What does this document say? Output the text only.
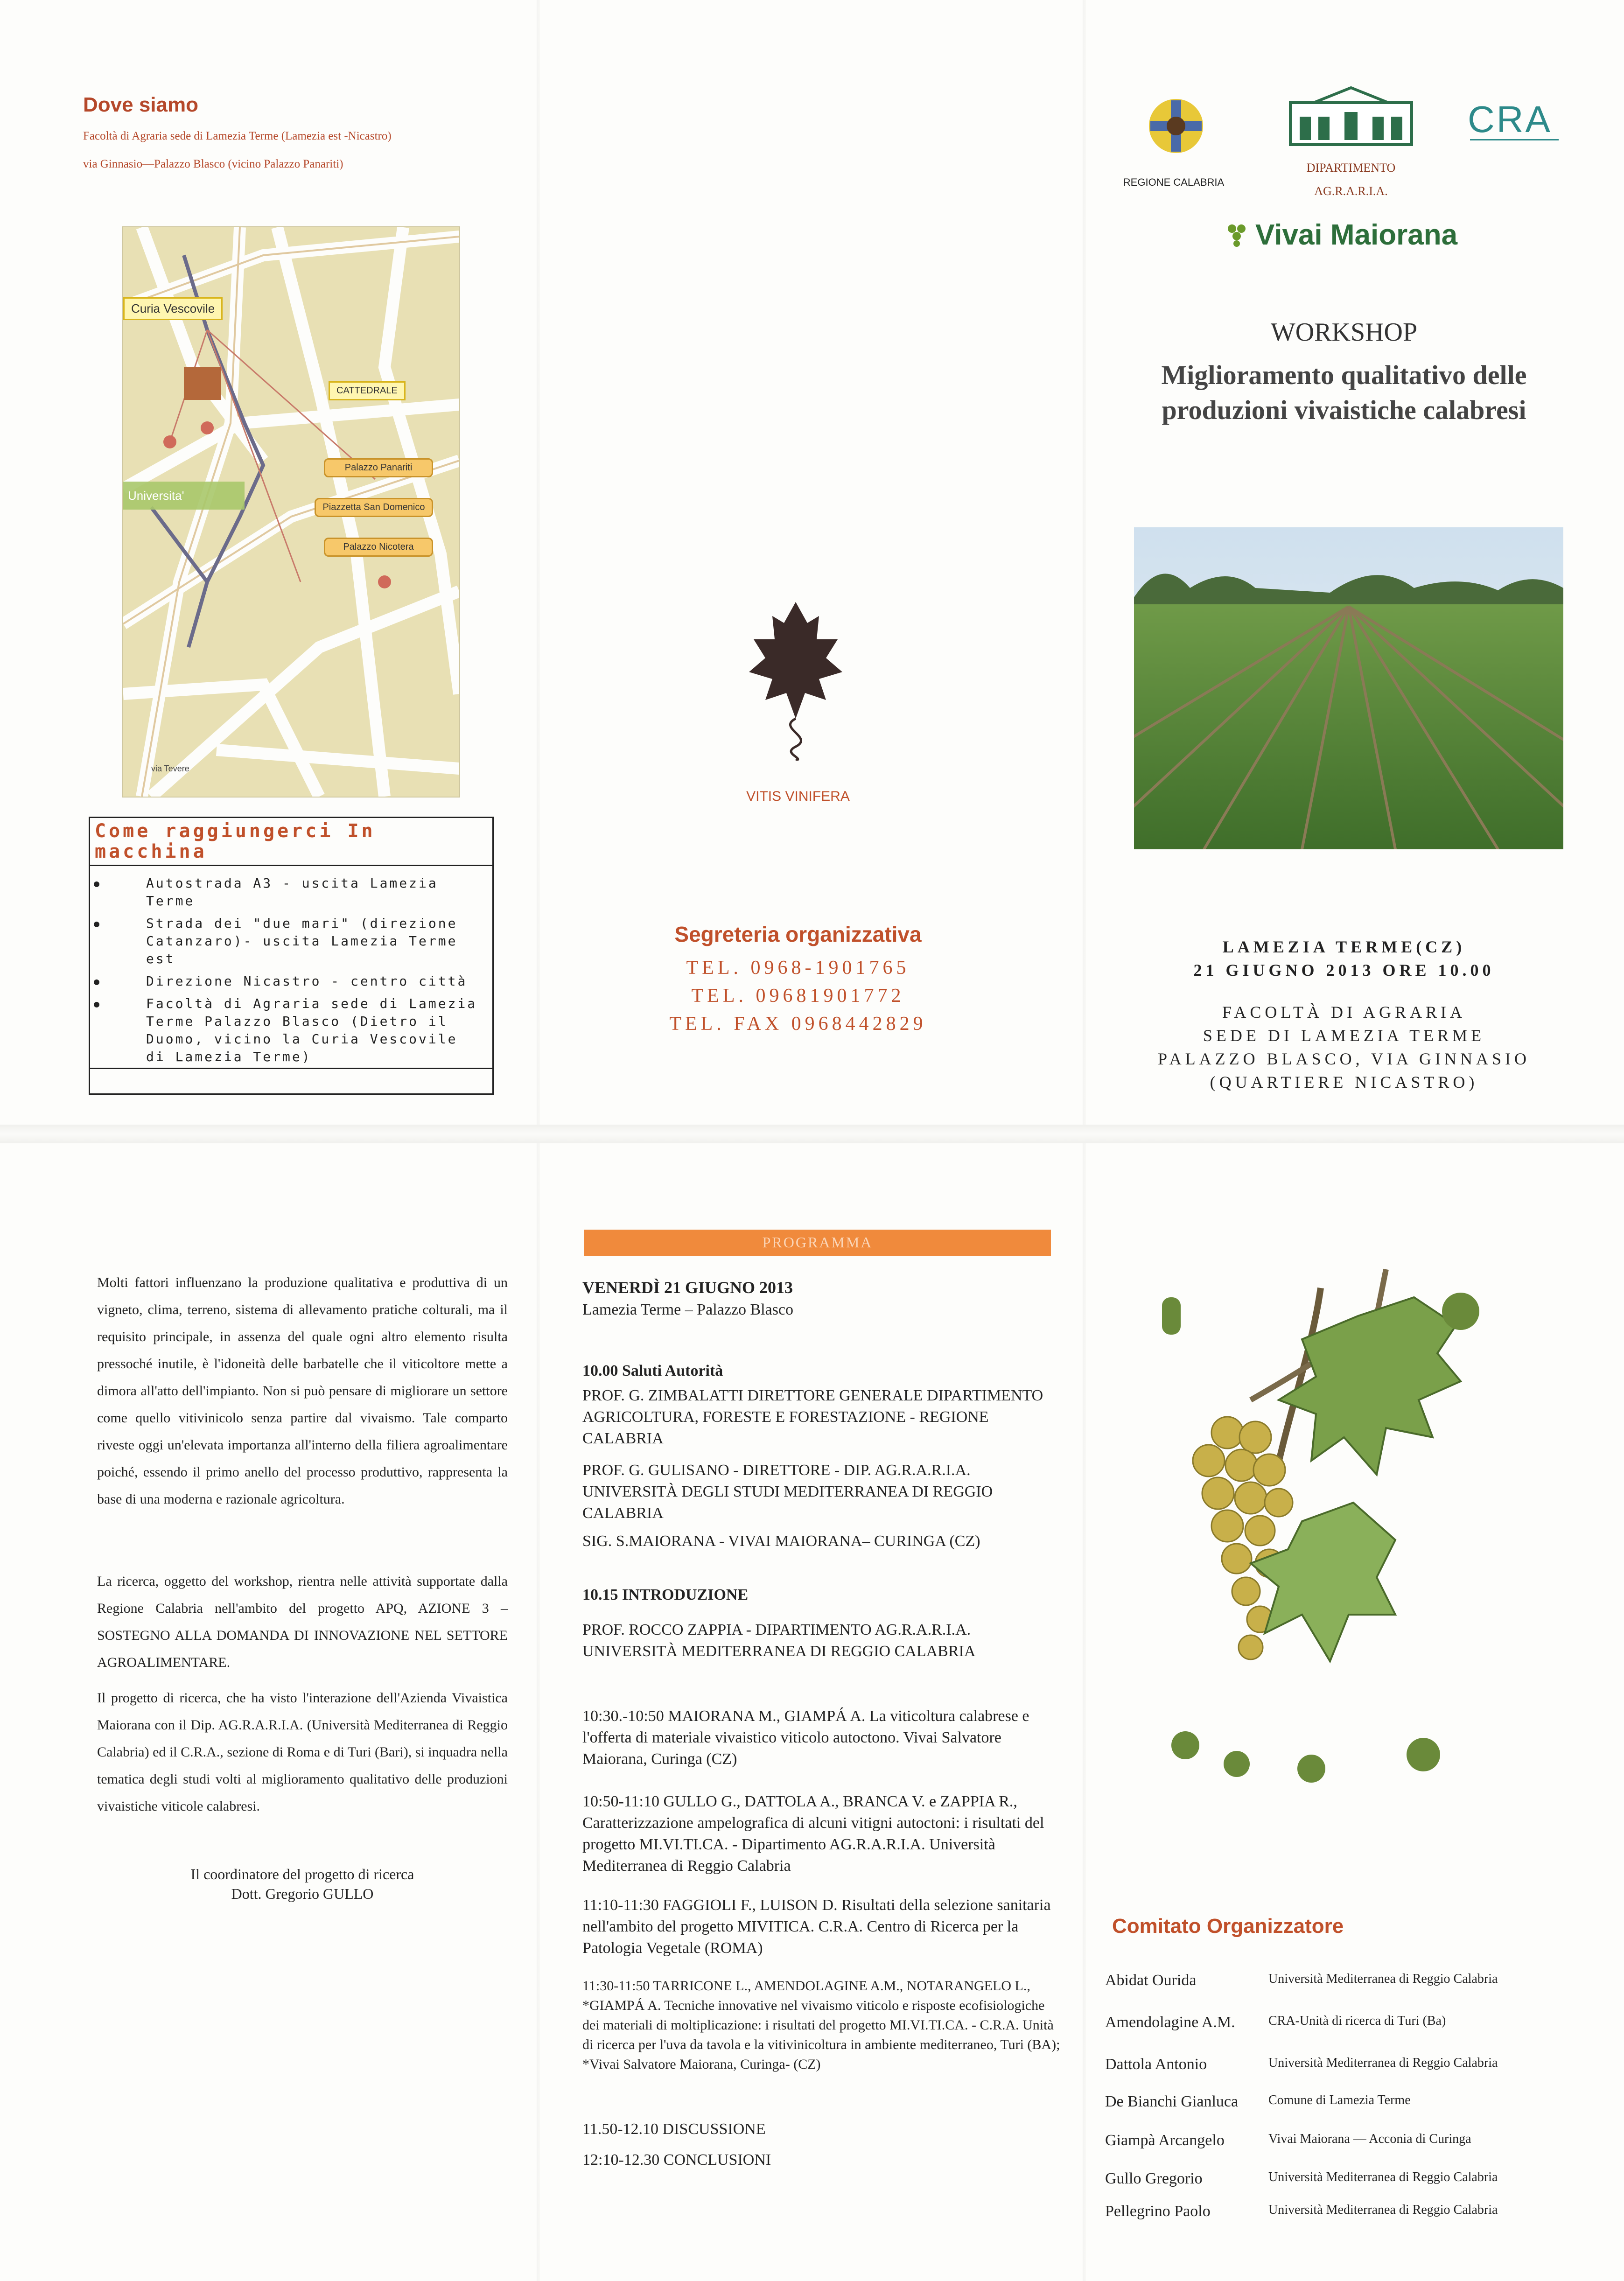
Dove siamo
Facoltà di Agraria sede di Lamezia Terme (Lamezia est -Nicastro)
via Ginnasio—Palazzo Blasco (vicino Palazzo Panariti)
Curia Vescovile
CATTEDRALE
Palazzo Panariti
Piazzetta San Domenico
Palazzo Nicotera
Universita'
via Tevere
Come raggiungerci In macchina
● Autostrada A3 - uscita Lamezia Terme
● Strada dei "due mari" (direzione Catanzaro)- uscita Lamezia Terme est
● Direzione Nicastro - centro città
● Facoltà di Agraria sede di Lamezia Terme Palazzo Blasco (Dietro il Duomo, vicino la Curia Vescovile di Lamezia Terme)
VITIS VINIFERA
Segreteria organizzativa
TEL. 0968-1901765
TEL. 09681901772
TEL. FAX 0968442829
REGIONE CALABRIA
DIPARTIMENTO
AG.R.A.R.I.A.
CRA
Vivai Maiorana
WORKSHOP
Miglioramento qualitativo delle
produzioni vivaistiche calabresi
LAMEZIA TERME(CZ)
21 GIUGNO 2013 ORE 10.00
FACOLTÀ DI AGRARIA
SEDE DI LAMEZIA TERME
PALAZZO BLASCO, VIA GINNASIO
(QUARTIERE NICASTRO)
Molti fattori influenzano la produzione qualitativa e produttiva di un vigneto, clima, terreno, sistema di allevamento pratiche colturali, ma il requisito principale, in assenza del quale ogni altro elemento risulta pressoché inutile, è l'idoneità delle barbatelle che il viticoltore mette a dimora all'atto dell'impianto. Non si può pensare di migliorare un settore come quello vitivinicolo senza partire dal vivaismo. Tale comparto riveste oggi un'elevata importanza all'interno della filiera agroalimentare poiché, essendo il primo anello del processo produttivo, rappresenta la base di una moderna e razionale agricoltura.
La ricerca, oggetto del workshop, rientra nelle attività supportate dalla Regione Calabria nell'ambito del progetto APQ, AZIONE 3 – SOSTEGNO ALLA DOMANDA DI INNOVAZIONE NEL SETTORE AGROALIMENTARE.
Il progetto di ricerca, che ha visto l'interazione dell'Azienda Vivaistica Maiorana con il Dip. AG.R.A.R.I.A. (Università Mediterranea di Reggio Calabria) ed il C.R.A., sezione di Roma e di Turi (Bari), si inquadra nella tematica degli studi volti al miglioramento qualitativo delle produzioni vivaistiche viticole calabresi.
Il coordinatore del progetto di ricerca
Dott. Gregorio GULLO
PROGRAMMA
VENERDÌ 21 GIUGNO 2013
Lamezia Terme – Palazzo Blasco
10.00 Saluti Autorità
PROF. G. ZIMBALATTI DIRETTORE GENERALE DIPARTIMENTO AGRICOLTURA, FORESTE E FORESTAZIONE - REGIONE CALABRIA
PROF. G. GULISANO - DIRETTORE - DIP. AG.R.A.R.I.A. UNIVERSITÀ DEGLI STUDI MEDITERRANEA DI REGGIO CALABRIA
SIG. S.MAIORANA - VIVAI MAIORANA– CURINGA (CZ)
10.15 INTRODUZIONE
PROF. ROCCO ZAPPIA - DIPARTIMENTO AG.R.A.R.I.A. UNIVERSITÀ MEDITERRANEA DI REGGIO CALABRIA
10:30.-10:50 MAIORANA M., GIAMPÁ A. La viticoltura calabrese e l'offerta di materiale vivaistico viticolo autoctono. Vivai Salvatore Maiorana, Curinga (CZ)
10:50-11:10 GULLO G., DATTOLA A., BRANCA V. e ZAPPIA R., Caratterizzazione ampelografica di alcuni vitigni autoctoni: i risultati del progetto MI.VI.TI.CA. - Dipartimento AG.R.A.R.I.A. Università Mediterranea di Reggio Calabria
11:10-11:30 FAGGIOLI F., LUISON D. Risultati della selezione sanitaria nell'ambito del progetto MIVITICA. C.R.A. Centro di Ricerca per la Patologia Vegetale (ROMA)
11:30-11:50 TARRICONE L., AMENDOLAGINE A.M., NOTARANGELO L., *GIAMPÁ A. Tecniche innovative nel vivaismo viticolo e risposte ecofisiologiche dei materiali di moltiplicazione: i risultati del progetto MI.VI.TI.CA. - C.R.A. Unità di ricerca per l'uva da tavola e la vitivinicoltura in ambiente mediterraneo, Turi (BA); *Vivai Salvatore Maiorana, Curinga- (CZ)
11.50-12.10 DISCUSSIONE
12:10-12.30 CONCLUSIONI
Comitato Organizzatore
Abidat Ourida	Università Mediterranea di Reggio Calabria
Amendolagine A.M.	CRA-Unità di ricerca di Turi (Ba)
Dattola Antonio	Università Mediterranea di Reggio Calabria
De Bianchi Gianluca	Comune di Lamezia Terme
Giampà Arcangelo	Vivai Maiorana — Acconia di Curinga
Gullo Gregorio	Università Mediterranea di Reggio Calabria
Pellegrino Paolo	Università Mediterranea di Reggio Calabria
